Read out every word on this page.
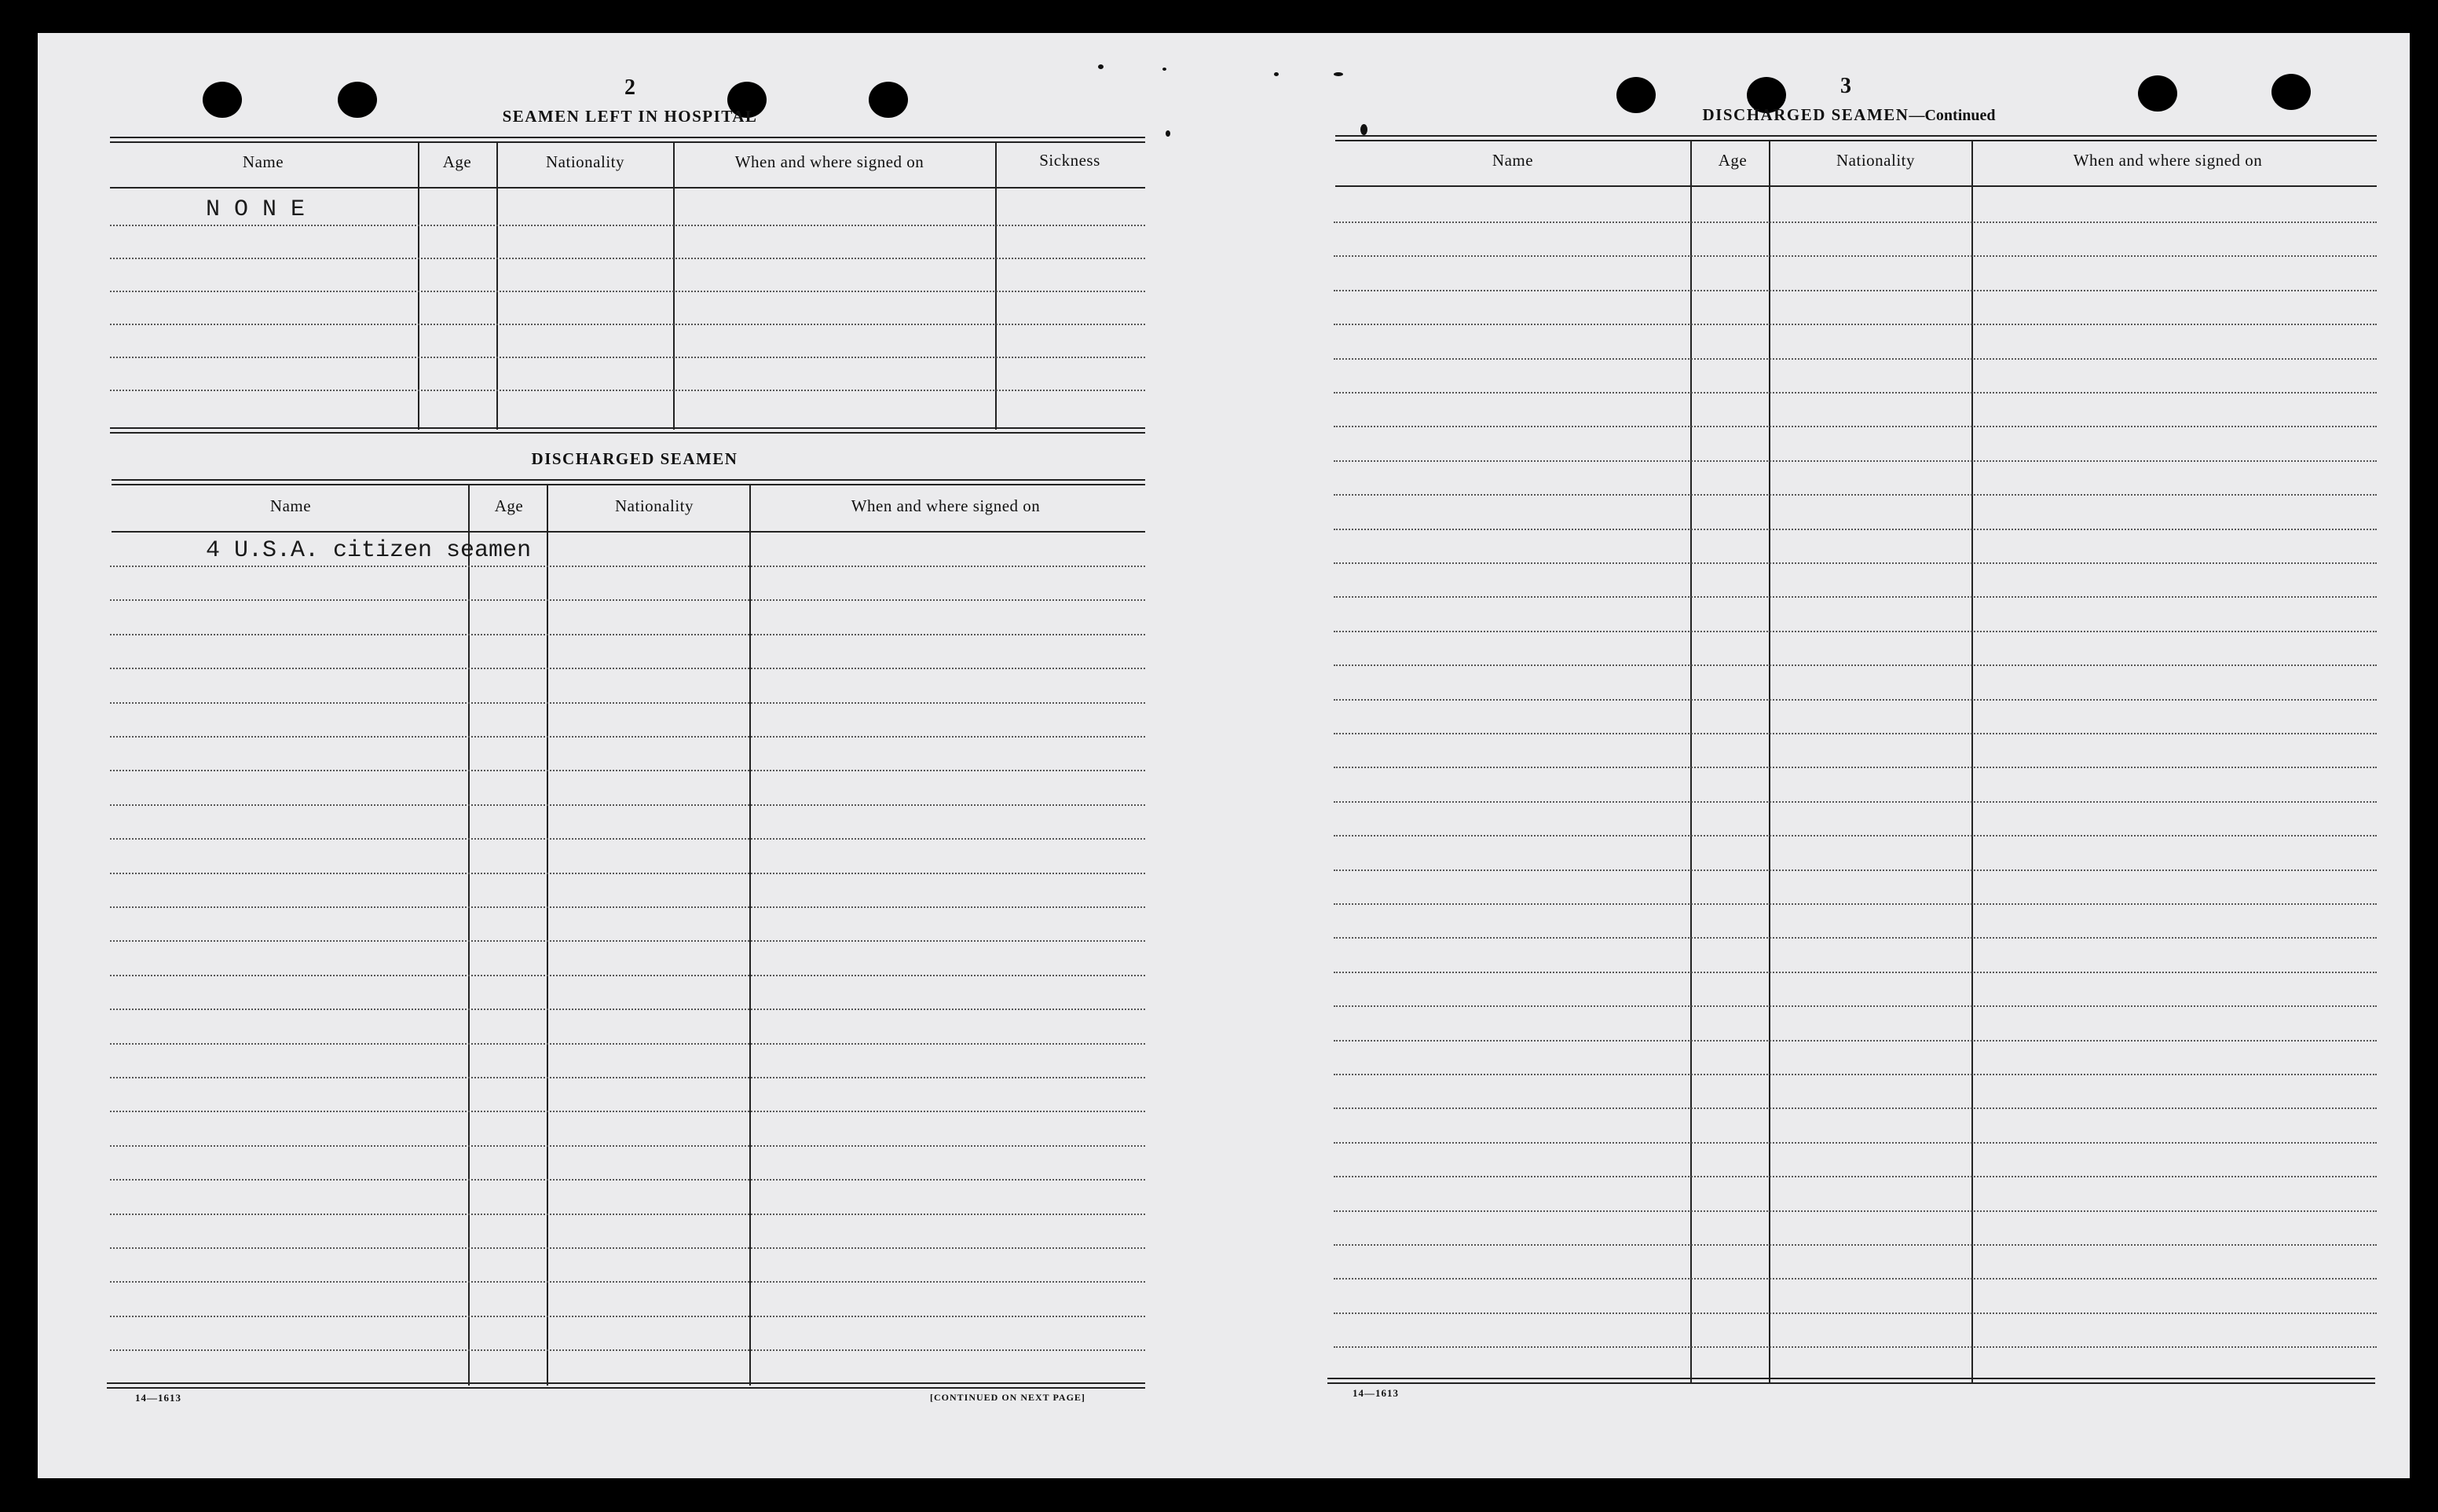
2
SEAMEN LEFT IN HOSPITAL
Name	Age	Nationality	When and where signed on	Sickness
N O N E
DISCHARGED SEAMEN
Name	Age	Nationality	When and where signed on
4 U.S.A. citizen seamen
14—1613	[CONTINUED ON NEXT PAGE]
3
DISCHARGED SEAMEN—Continued
Name	Age	Nationality	When and where signed on
14—1613
